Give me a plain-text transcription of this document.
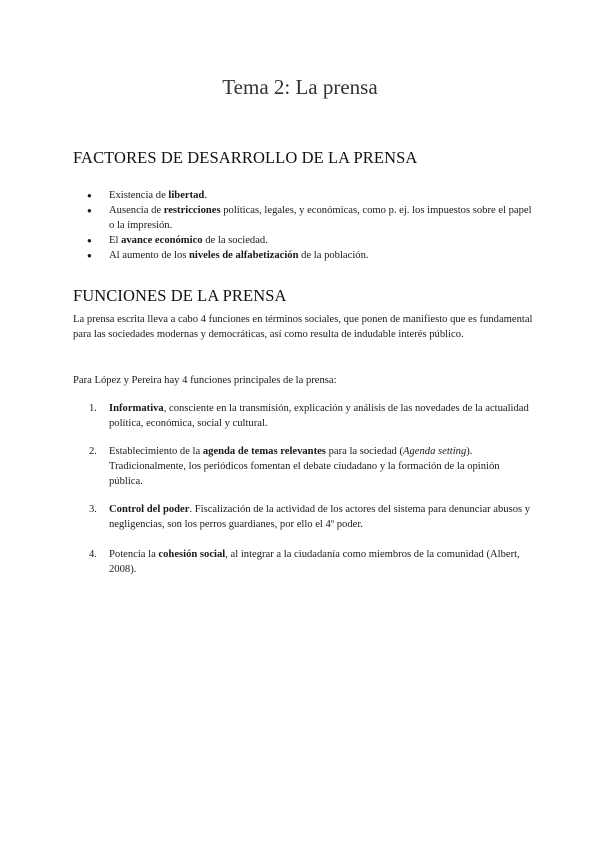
Tema 2: La prensa
FACTORES DE DESARROLLO DE LA PRENSA
● Existencia de libertad.
● Ausencia de restricciones políticas, legales, y económicas, como p. ej. los impuestos sobre el papel o la impresión.
● El avance económico de la sociedad.
● Al aumento de los niveles de alfabetización de la población.
FUNCIONES DE LA PRENSA

La prensa escrita lleva a cabo 4 funciones en términos sociales, que ponen de manifiesto que es fundamental para las sociedades modernas y democráticas, así como resulta de indudable interés público.

Para López y Pereira hay 4 funciones principales de la prensa:

1.	Informativa, consciente en la transmisión, explicación y análisis de las novedades de la actualidad política, económica, social y cultural.
2.	Establecimiento de la agenda de temas relevantes para la sociedad (Agenda setting). Tradicionalmente, los periódicos fomentan el debate ciudadano y la formación de la opinión pública.
3.	Control del poder. Fiscalización de la actividad de los actores del sistema para denunciar abusos y negligencias, son los perros guardianes, por ello el 4º poder.
4.	Potencia la cohesión social, al integrar a la ciudadanía como miembros de la comunidad (Albert, 2008).
